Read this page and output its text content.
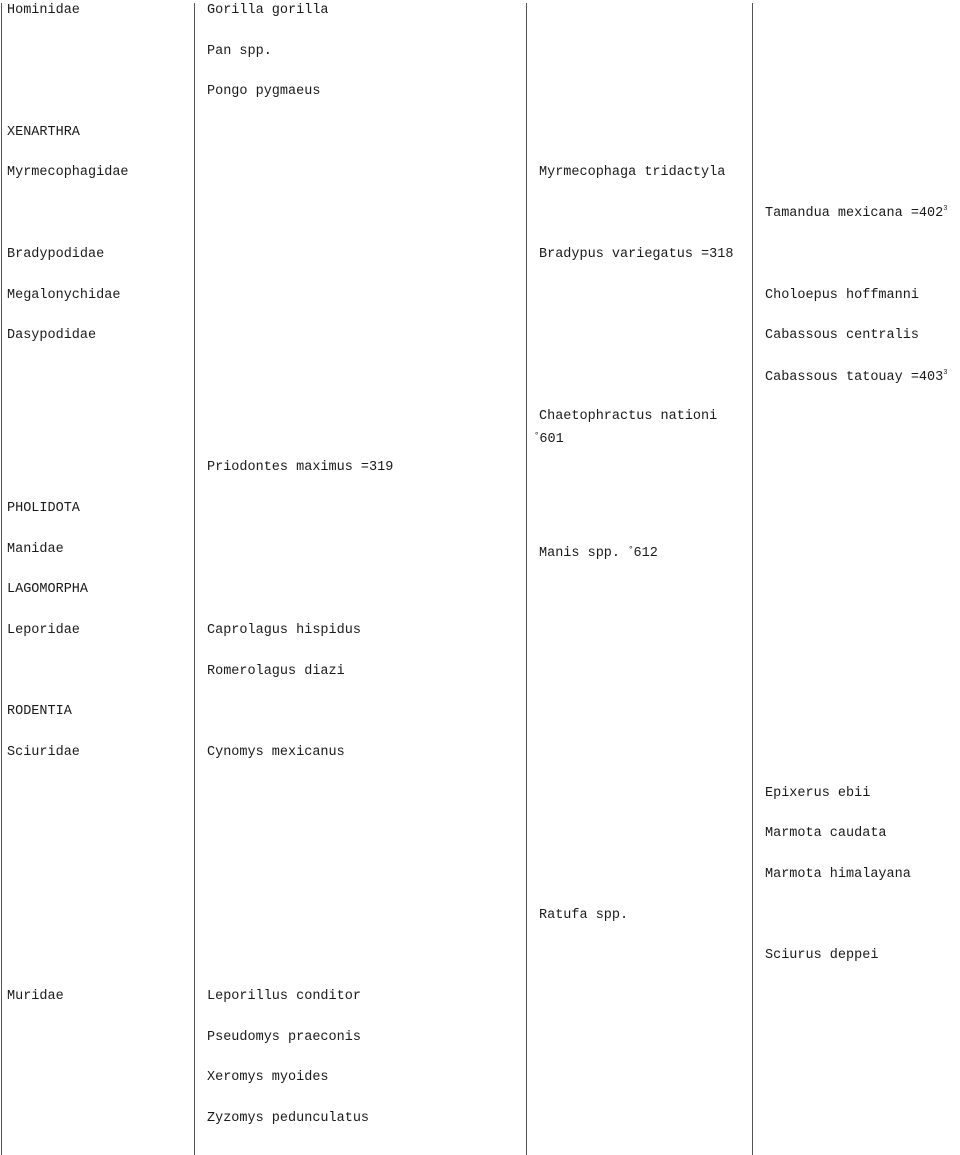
Hominidae
XENARTHRA
Myrmecophagidae
Bradypodidae
Megalonychidae
Dasypodidae
PHOLIDOTA
Manidae
LAGOMORPHA
Leporidae
RODENTIA
Sciuridae
Muridae
Gorilla gorilla
Pan spp.
Pongo pygmaeus
Priodontes maximus =319
Caprolagus hispidus
Romerolagus diazi
Cynomys mexicanus
Leporillus conditor
Pseudomys praeconis
Xeromys myoides
Zyzomys pedunculatus
Myrmecophaga tridactyla
Bradypus variegatus =318
Chaetophractus nationi
°601
Manis spp. °612
Ratufa spp.
Tamandua mexicana $=402^3$
Choloepus hoffmanni
Cabassous centralis
Cabassous tatouay $=403^3$
Epixerus ebii
Marmota caudata
Marmota himalayana
Sciurus deppei
